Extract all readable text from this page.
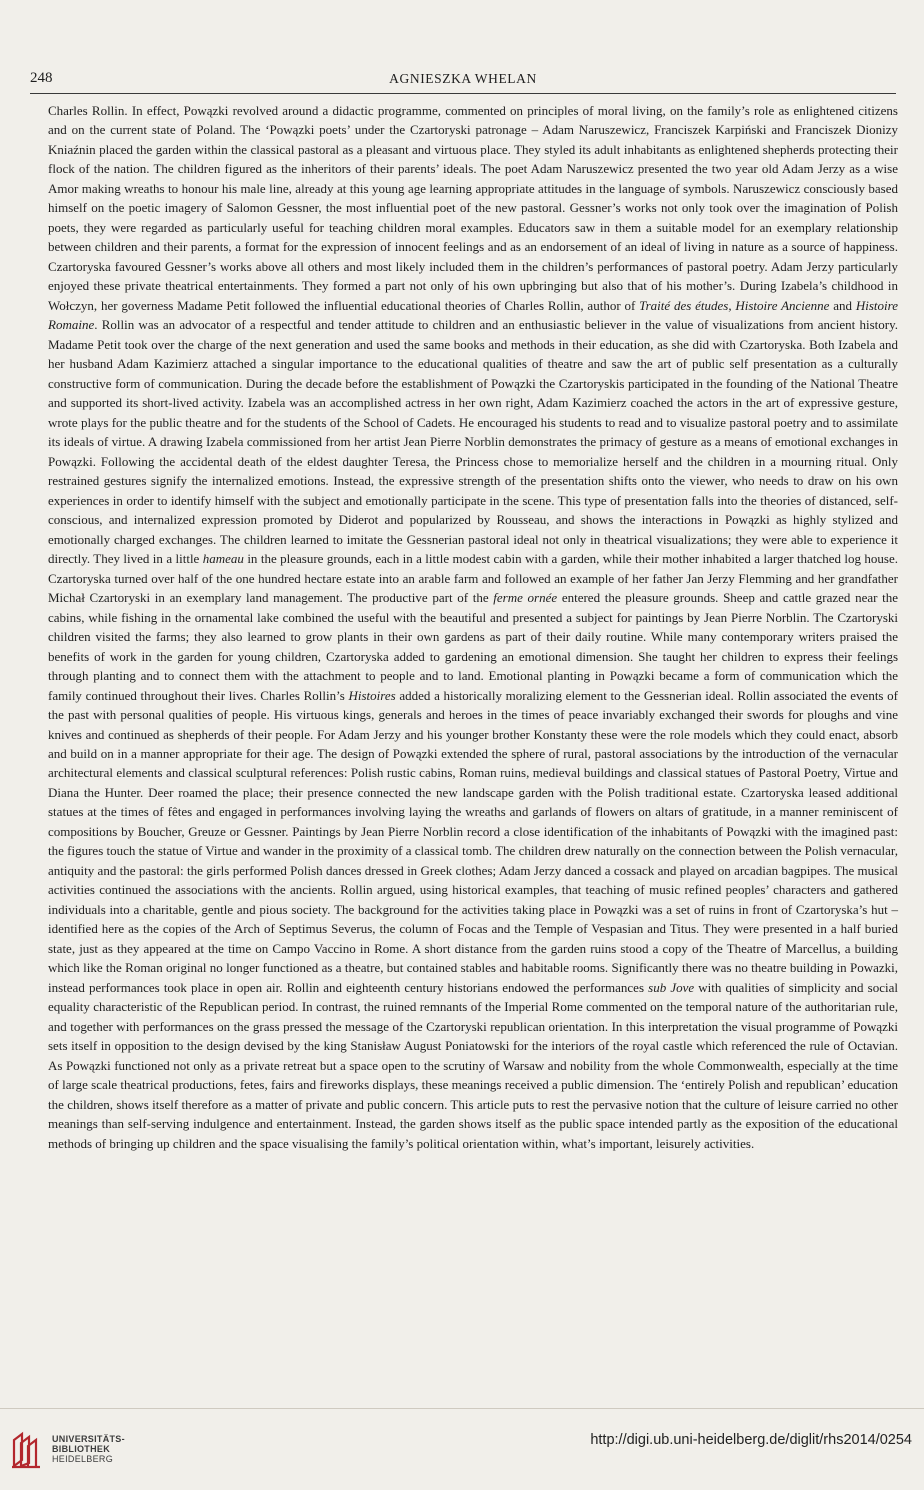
248	AGNIESZKA WHELAN

Charles Rollin. In effect, Powązki revolved around a didactic programme, commented on principles of moral living, on the family’s role as enlightened citizens and on the current state of Poland. The ‘Powązki poets’ under the Czartoryski patronage – Adam Naruszewicz, Franciszek Karpiński and Franciszek Dionizy Kniaźnin placed the garden within the classical pastoral as a pleasant and virtuous place. They styled its adult inhabitants as enlightened shepherds protecting their flock of the nation. The children figured as the inheritors of their parents’ ideals. The poet Adam Naruszewicz presented the two year old Adam Jerzy as a wise Amor making wreaths to honour his male line, already at this young age learning appropriate attitudes in the language of symbols. Naruszewicz consciously based himself on the poetic imagery of Salomon Gessner, the most influential poet of the new pastoral. Gessner’s works not only took over the imagination of Polish poets, they were regarded as particularly useful for teaching children moral examples. Educators saw in them a suitable model for an exemplary relationship between children and their parents, a format for the expression of innocent feelings and as an endorsement of an ideal of living in nature as a source of happiness. Czartoryska favoured Gessner’s works above all others and most likely included them in the children’s performances of pastoral poetry. Adam Jerzy particularly enjoyed these private theatrical entertainments. They formed a part not only of his own upbringing but also that of his mother’s. During Izabela’s childhood in Wołczyn, her governess Madame Petit followed the influential educational theories of Charles Rollin, author of Traité des études, Histoire Ancienne and Histoire Romaine. Rollin was an advocator of a respectful and tender attitude to children and an enthusiastic believer in the value of visualizations from ancient history. Madame Petit took over the charge of the next generation and used the same books and methods in their education, as she did with Czartoryska. Both Izabela and her husband Adam Kazimierz attached a singular importance to the educational qualities of theatre and saw the art of public self presentation as a culturally constructive form of communication. During the decade before the establishment of Powązki the Czartoryskis participated in the founding of the National Theatre and supported its short-lived activity. Izabela was an accomplished actress in her own right, Adam Kazimierz coached the actors in the art of expressive gesture, wrote plays for the public theatre and for the students of the School of Cadets. He encouraged his students to read and to visualize pastoral poetry and to assimilate its ideals of virtue. A drawing Izabela commissioned from her artist Jean Pierre Norblin demonstrates the primacy of gesture as a means of emotional exchanges in Powązki. Following the accidental death of the eldest daughter Teresa, the Princess chose to memorialize herself and the children in a mourning ritual. Only restrained gestures signify the internalized emotions. Instead, the expressive strength of the presentation shifts onto the viewer, who needs to draw on his own experiences in order to identify himself with the subject and emotionally participate in the scene. This type of presentation falls into the theories of distanced, self-conscious, and internalized expression promoted by Diderot and popularized by Rousseau, and shows the interactions in Powązki as highly stylized and emotionally charged exchanges. The children learned to imitate the Gessnerian pastoral ideal not only in theatrical visualizations; they were able to experience it directly. They lived in a little hameau in the pleasure grounds, each in a little modest cabin with a garden, while their mother inhabited a larger thatched log house. Czartoryska turned over half of the one hundred hectare estate into an arable farm and followed an example of her father Jan Jerzy Flemming and her grandfather Michał Czartoryski in an exemplary land management. The productive part of the ferme ornée entered the pleasure grounds. Sheep and cattle grazed near the cabins, while fishing in the ornamental lake combined the useful with the beautiful and presented a subject for paintings by Jean Pierre Norblin. The Czartoryski children visited the farms; they also learned to grow plants in their own gardens as part of their daily routine. While many contemporary writers praised the benefits of work in the garden for young children, Czartoryska added to gardening an emotional dimension. She taught her children to express their feelings through planting and to connect them with the attachment to people and to land. Emotional planting in Powązki became a form of communication which the family continued throughout their lives. Charles Rollin’s Histoires added a historically moralizing element to the Gessnerian ideal. Rollin associated the events of the past with personal qualities of people. His virtuous kings, generals and heroes in the times of peace invariably exchanged their swords for ploughs and vine knives and continued as shepherds of their people. For Adam Jerzy and his younger brother Konstanty these were the role models which they could enact, absorb and build on in a manner appropriate for their age. The design of Powązki extended the sphere of rural, pastoral associations by the introduction of the vernacular architectural elements and classical sculptural references: Polish rustic cabins, Roman ruins, medieval buildings and classical statues of Pastoral Poetry, Virtue and Diana the Hunter. Deer roamed the place; their presence connected the new landscape garden with the Polish traditional estate. Czartoryska leased additional statues at the times of fêtes and engaged in performances involving laying the wreaths and garlands of flowers on altars of gratitude, in a manner reminiscent of compositions by Boucher, Greuze or Gessner. Paintings by Jean Pierre Norblin record a close identification of the inhabitants of Powązki with the imagined past: the figures touch the statue of Virtue and wander in the proximity of a classical tomb. The children drew naturally on the connection between the Polish vernacular, antiquity and the pastoral: the girls performed Polish dances dressed in Greek clothes; Adam Jerzy danced a cossack and played on arcadian bagpipes. The musical activities continued the associations with the ancients. Rollin argued, using historical examples, that teaching of music refined peoples’ characters and gathered individuals into a charitable, gentle and pious society. The background for the activities taking place in Powązki was a set of ruins in front of Czartoryska’s hut – identified here as the copies of the Arch of Septimus Severus, the column of Focas and the Temple of Vespasian and Titus. They were presented in a half buried state, just as they appeared at the time on Campo Vaccino in Rome. A short distance from the garden ruins stood a copy of the Theatre of Marcellus, a building which like the Roman original no longer functioned as a theatre, but contained stables and habitable rooms. Significantly there was no theatre building in Powazki, instead performances took place in open air. Rollin and eighteenth century historians endowed the performances sub Jove with qualities of simplicity and social equality characteristic of the Republican period. In contrast, the ruined remnants of the Imperial Rome commented on the temporal nature of the authoritarian rule, and together with performances on the grass pressed the message of the Czartoryski republican orientation. In this interpretation the visual programme of Powązki sets itself in opposition to the design devised by the king Stanisław August Poniatowski for the interiors of the royal castle which referenced the rule of Octavian. As Powązki functioned not only as a private retreat but a space open to the scrutiny of Warsaw and nobility from the whole Commonwealth, especially at the time of large scale theatrical productions, fetes, fairs and fireworks displays, these meanings received a public dimension. The ‘entirely Polish and republican’ education the children, shows itself therefore as a matter of private and public concern. This article puts to rest the pervasive notion that the culture of leisure carried no other meanings than self-serving indulgence and entertainment. Instead, the garden shows itself as the public space intended partly as the exposition of the educational methods of bringing up children and the space visualising the family’s political orientation within, what’s important, leisurely activities.

UNIVERSITÄTS-
BIBLIOTHEK
HEIDELBERG
http://digi.ub.uni-heidelberg.de/diglit/rhs2014/0254
